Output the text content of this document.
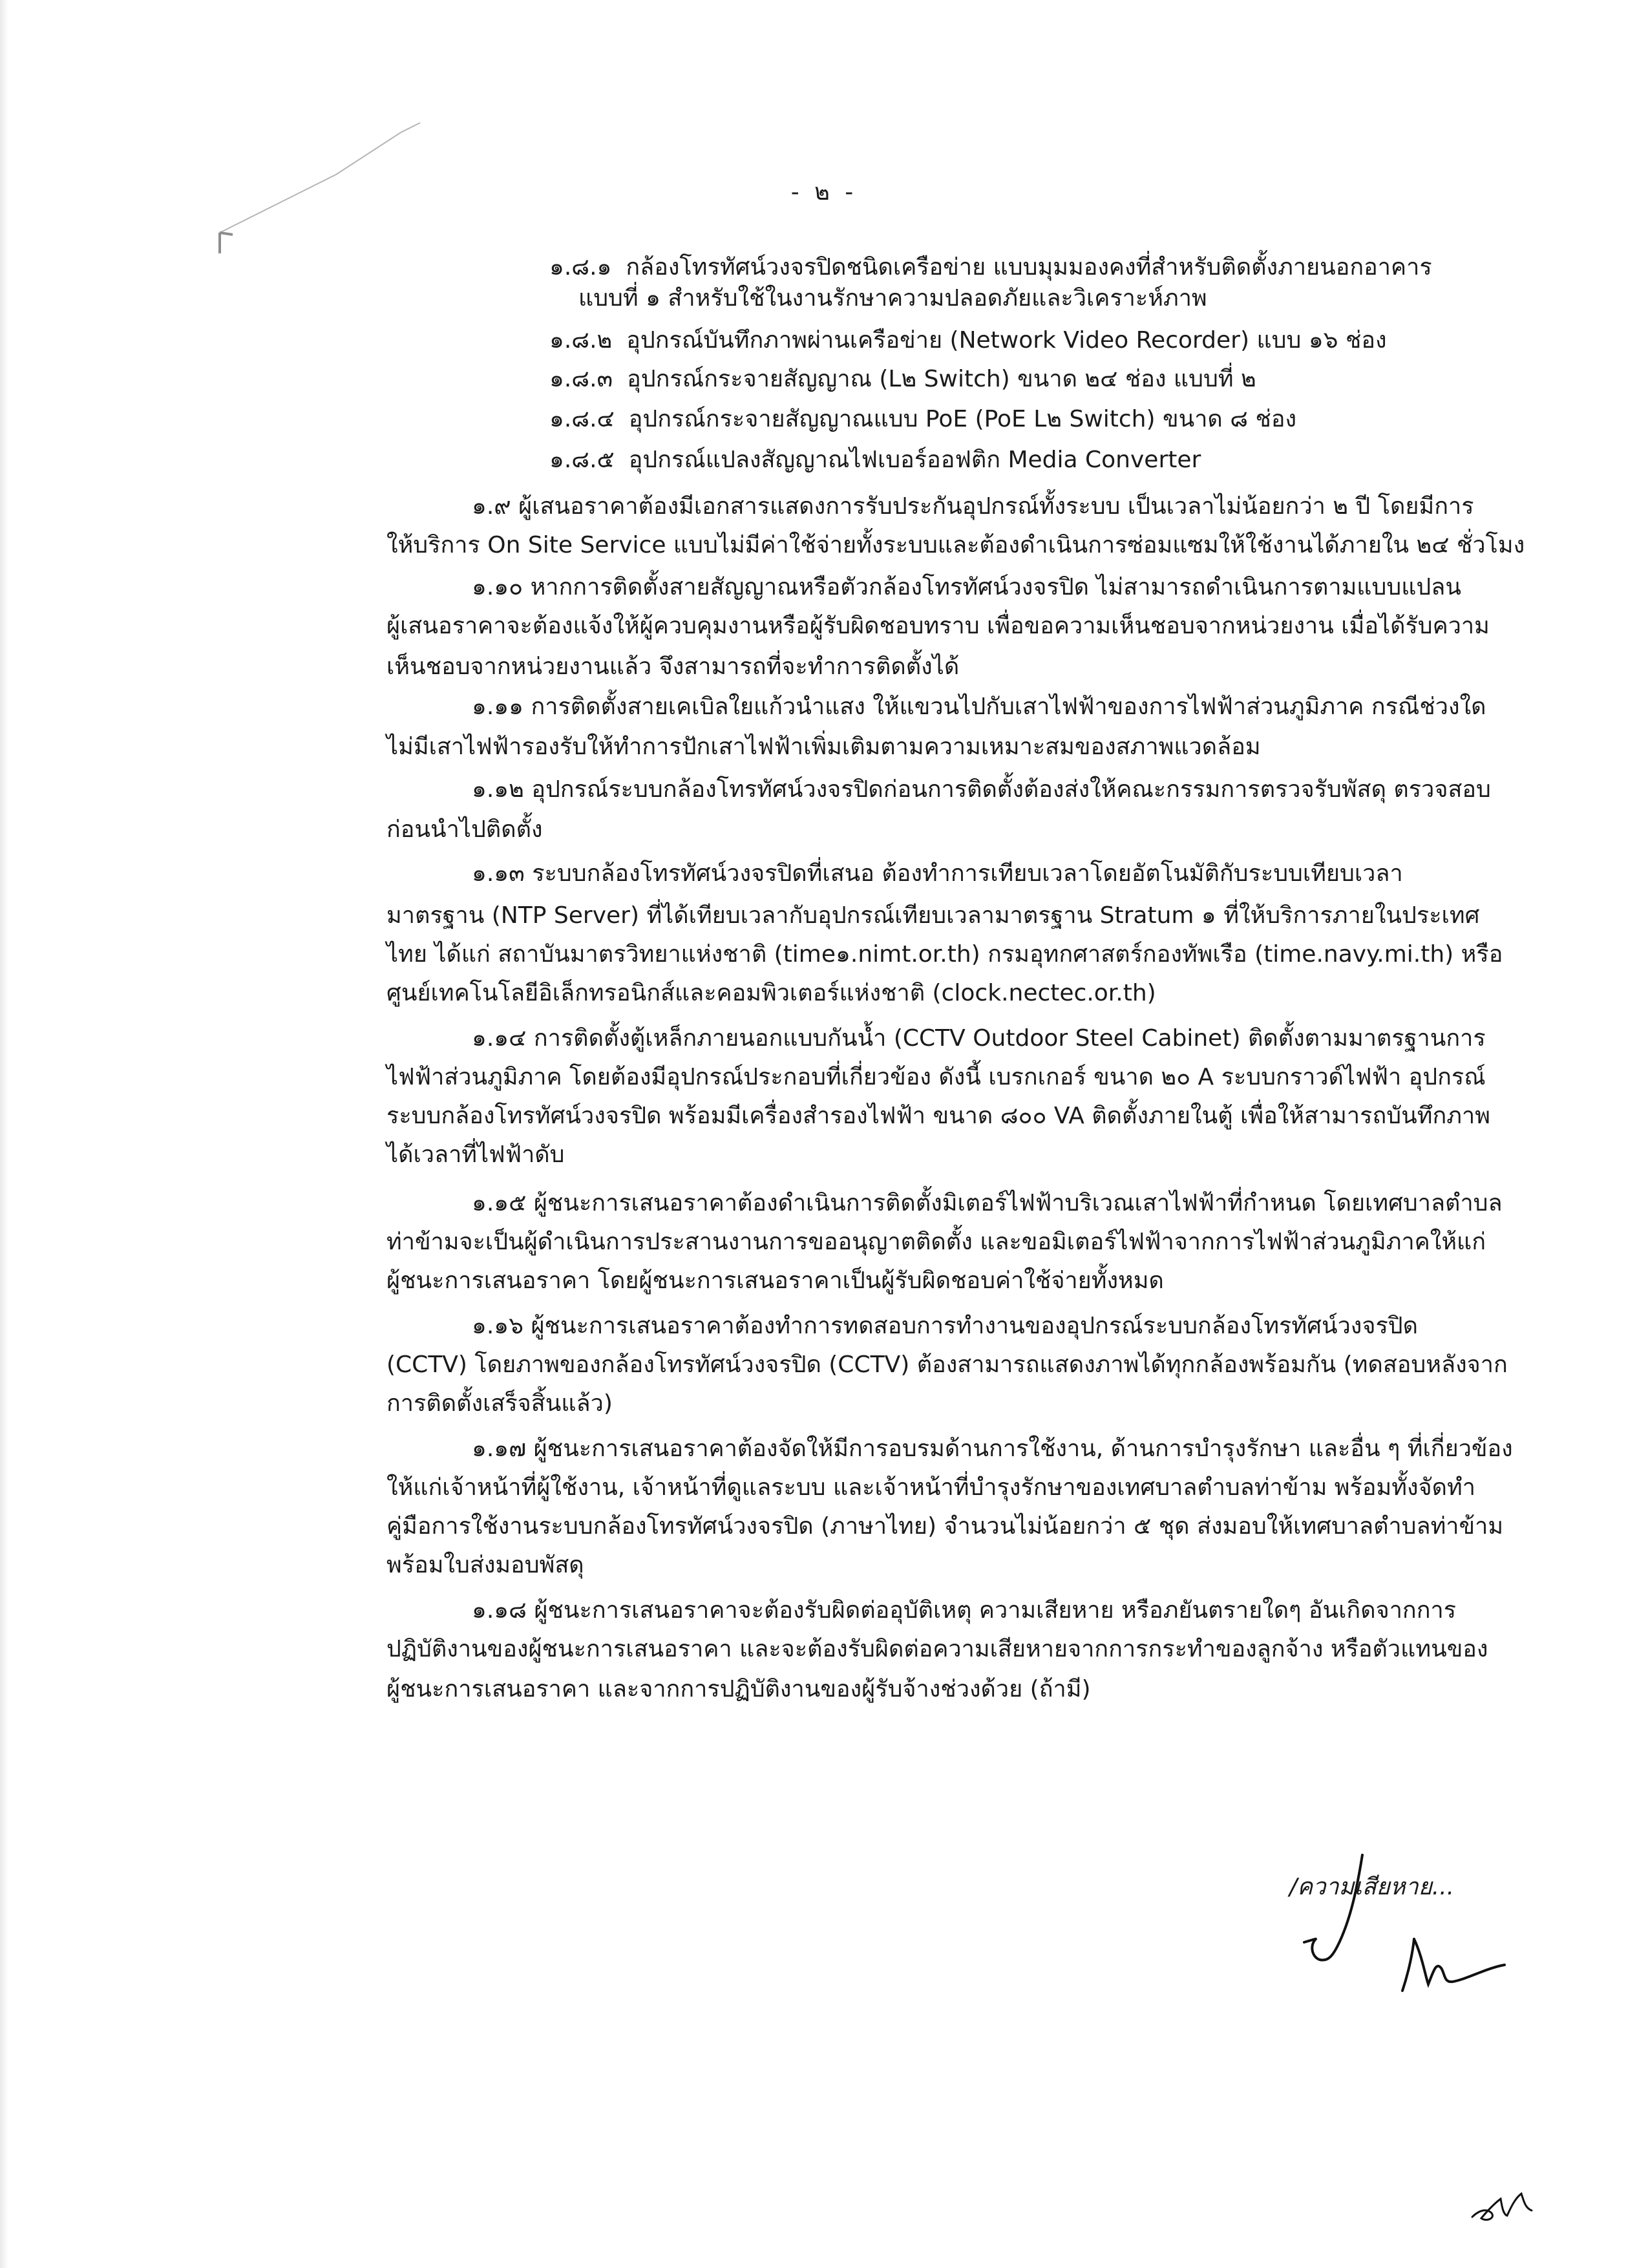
- ๒ -
๑.๘.๑ กล้องโทรทัศน์วงจรปิดชนิดเครือข่าย แบบมุมมองคงที่สำหรับติดตั้งภายนอกอาคาร
แบบที่ ๑ สำหรับใช้ในงานรักษาความปลอดภัยและวิเคราะห์ภาพ
๑.๘.๒ อุปกรณ์บันทึกภาพผ่านเครือข่าย (Network Video Recorder) แบบ ๑๖ ช่อง
๑.๘.๓ อุปกรณ์กระจายสัญญาณ (L๒ Switch) ขนาด ๒๔ ช่อง แบบที่ ๒
๑.๘.๔ อุปกรณ์กระจายสัญญาณแบบ PoE (PoE L๒ Switch) ขนาด ๘ ช่อง
๑.๘.๕ อุปกรณ์แปลงสัญญาณไฟเบอร์ออฟติก Media Converter
๑.๙ ผู้เสนอราคาต้องมีเอกสารแสดงการรับประกันอุปกรณ์ทั้งระบบ เป็นเวลาไม่น้อยกว่า ๒ ปี โดยมีการ
ให้บริการ On Site Service แบบไม่มีค่าใช้จ่ายทั้งระบบและต้องดำเนินการซ่อมแซมให้ใช้งานได้ภายใน ๒๔ ชั่วโมง
๑.๑๐ หากการติดตั้งสายสัญญาณหรือตัวกล้องโทรทัศน์วงจรปิด ไม่สามารถดำเนินการตามแบบแปลน
ผู้เสนอราคาจะต้องแจ้งให้ผู้ควบคุมงานหรือผู้รับผิดชอบทราบ เพื่อขอความเห็นชอบจากหน่วยงาน เมื่อได้รับความ
เห็นชอบจากหน่วยงานแล้ว จึงสามารถที่จะทำการติดตั้งได้
๑.๑๑ การติดตั้งสายเคเบิลใยแก้วนำแสง ให้แขวนไปกับเสาไฟฟ้าของการไฟฟ้าส่วนภูมิภาค กรณีช่วงใด
ไม่มีเสาไฟฟ้ารองรับให้ทำการปักเสาไฟฟ้าเพิ่มเติมตามความเหมาะสมของสภาพแวดล้อม
๑.๑๒ อุปกรณ์ระบบกล้องโทรทัศน์วงจรปิดก่อนการติดตั้งต้องส่งให้คณะกรรมการตรวจรับพัสดุ ตรวจสอบ
ก่อนนำไปติดตั้ง
๑.๑๓ ระบบกล้องโทรทัศน์วงจรปิดที่เสนอ ต้องทำการเทียบเวลาโดยอัตโนมัติกับระบบเทียบเวลา
มาตรฐาน (NTP Server) ที่ได้เทียบเวลากับอุปกรณ์เทียบเวลามาตรฐาน Stratum ๑ ที่ให้บริการภายในประเทศ
ไทย ได้แก่ สถาบันมาตรวิทยาแห่งชาติ (time๑.nimt.or.th) กรมอุทกศาสตร์กองทัพเรือ (time.navy.mi.th) หรือ
ศูนย์เทคโนโลยีอิเล็กทรอนิกส์และคอมพิวเตอร์แห่งชาติ (clock.nectec.or.th)
๑.๑๔ การติดตั้งตู้เหล็กภายนอกแบบกันน้ำ (CCTV Outdoor Steel Cabinet) ติดตั้งตามมาตรฐานการ
ไฟฟ้าส่วนภูมิภาค โดยต้องมีอุปกรณ์ประกอบที่เกี่ยวข้อง ดังนี้ เบรกเกอร์ ขนาด ๒๐ A ระบบกราวด์ไฟฟ้า อุปกรณ์
ระบบกล้องโทรทัศน์วงจรปิด พร้อมมีเครื่องสำรองไฟฟ้า ขนาด ๘๐๐ VA ติดตั้งภายในตู้ เพื่อให้สามารถบันทึกภาพ
ได้เวลาที่ไฟฟ้าดับ
๑.๑๕ ผู้ชนะการเสนอราคาต้องดำเนินการติดตั้งมิเตอร์ไฟฟ้าบริเวณเสาไฟฟ้าที่กำหนด โดยเทศบาลตำบล
ท่าข้ามจะเป็นผู้ดำเนินการประสานงานการขออนุญาตติดตั้ง และขอมิเตอร์ไฟฟ้าจากการไฟฟ้าส่วนภูมิภาคให้แก่
ผู้ชนะการเสนอราคา โดยผู้ชนะการเสนอราคาเป็นผู้รับผิดชอบค่าใช้จ่ายทั้งหมด
๑.๑๖ ผู้ชนะการเสนอราคาต้องทำการทดสอบการทำงานของอุปกรณ์ระบบกล้องโทรทัศน์วงจรปิด
(CCTV) โดยภาพของกล้องโทรทัศน์วงจรปิด (CCTV) ต้องสามารถแสดงภาพได้ทุกกล้องพร้อมกัน (ทดสอบหลังจาก
การติดตั้งเสร็จสิ้นแล้ว)
๑.๑๗ ผู้ชนะการเสนอราคาต้องจัดให้มีการอบรมด้านการใช้งาน, ด้านการบำรุงรักษา และอื่น ๆ ที่เกี่ยวข้อง
ให้แก่เจ้าหน้าที่ผู้ใช้งาน, เจ้าหน้าที่ดูแลระบบ และเจ้าหน้าที่บำรุงรักษาของเทศบาลตำบลท่าข้าม พร้อมทั้งจัดทำ
คู่มือการใช้งานระบบกล้องโทรทัศน์วงจรปิด (ภาษาไทย) จำนวนไม่น้อยกว่า ๕ ชุด ส่งมอบให้เทศบาลตำบลท่าข้าม
พร้อมใบส่งมอบพัสดุ
๑.๑๘ ผู้ชนะการเสนอราคาจะต้องรับผิดต่ออุบัติเหตุ ความเสียหาย หรือภยันตรายใดๆ อันเกิดจากการ
ปฏิบัติงานของผู้ชนะการเสนอราคา และจะต้องรับผิดต่อความเสียหายจากการกระทำของลูกจ้าง หรือตัวแทนของ
ผู้ชนะการเสนอราคา และจากการปฏิบัติงานของผู้รับจ้างช่วงด้วย (ถ้ามี)
/ความเสียหาย...
